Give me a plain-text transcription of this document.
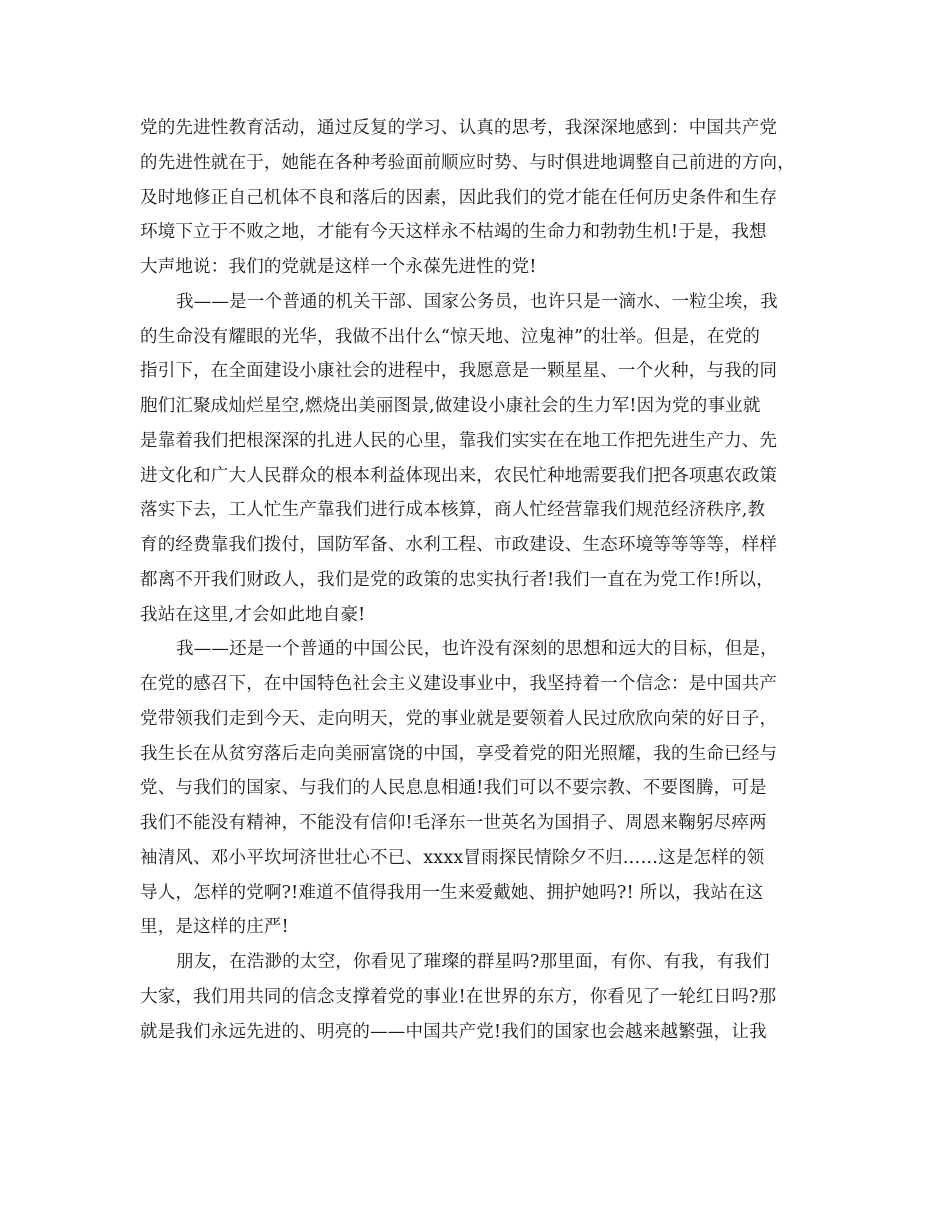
党的先进性教育活动，通过反复的学习、认真的思考，我深深地感到：中国共产党
的先进性就在于，她能在各种考验面前顺应时势、与时俱进地调整自己前进的方向，
及时地修正自己机体不良和落后的因素，因此我们的党才能在任何历史条件和生存
环境下立于不败之地，才能有今天这样永不枯竭的生命力和勃勃生机!于是，我想
大声地说：我们的党就是这样一个永葆先进性的党!
我——是一个普通的机关干部、国家公务员，也许只是一滴水、一粒尘埃，我
的生命没有耀眼的光华，我做不出什么“惊天地、泣鬼神”的壮举。但是，在党的
指引下，在全面建设小康社会的进程中，我愿意是一颗星星、一个火种，与我的同
胞们汇聚成灿烂星空,燃烧出美丽图景,做建设小康社会的生力军!因为党的事业就
是靠着我们把根深深的扎进人民的心里，靠我们实实在在地工作把先进生产力、先
进文化和广大人民群众的根本利益体现出来，农民忙种地需要我们把各项惠农政策
落实下去，工人忙生产靠我们进行成本核算，商人忙经营靠我们规范经济秩序,教
育的经费靠我们拨付，国防军备、水利工程、市政建设、生态环境等等等等，样样
都离不开我们财政人，我们是党的政策的忠实执行者!我们一直在为党工作!所以，
我站在这里,才会如此地自豪!
我——还是一个普通的中国公民，也许没有深刻的思想和远大的目标，但是，
在党的感召下，在中国特色社会主义建设事业中，我坚持着一个信念：是中国共产
党带领我们走到今天、走向明天，党的事业就是要领着人民过欣欣向荣的好日子，
我生长在从贫穷落后走向美丽富饶的中国，享受着党的阳光照耀，我的生命已经与
党、与我们的国家、与我们的人民息息相通!我们可以不要宗教、不要图腾，可是
我们不能没有精神，不能没有信仰!毛泽东一世英名为国捐子、周恩来鞠躬尽瘁两
袖清风、邓小平坎坷济世壮心不已、xxxx冒雨探民情除夕不归……这是怎样的领
导人，怎样的党啊?!难道不值得我用一生来爱戴她、拥护她吗?! 所以，我站在这
里，是这样的庄严!
朋友，在浩渺的太空，你看见了璀璨的群星吗?那里面，有你、有我，有我们
大家，我们用共同的信念支撑着党的事业!在世界的东方，你看见了一轮红日吗?那
就是我们永远先进的、明亮的——中国共产党!我们的国家也会越来越繁强，让我
